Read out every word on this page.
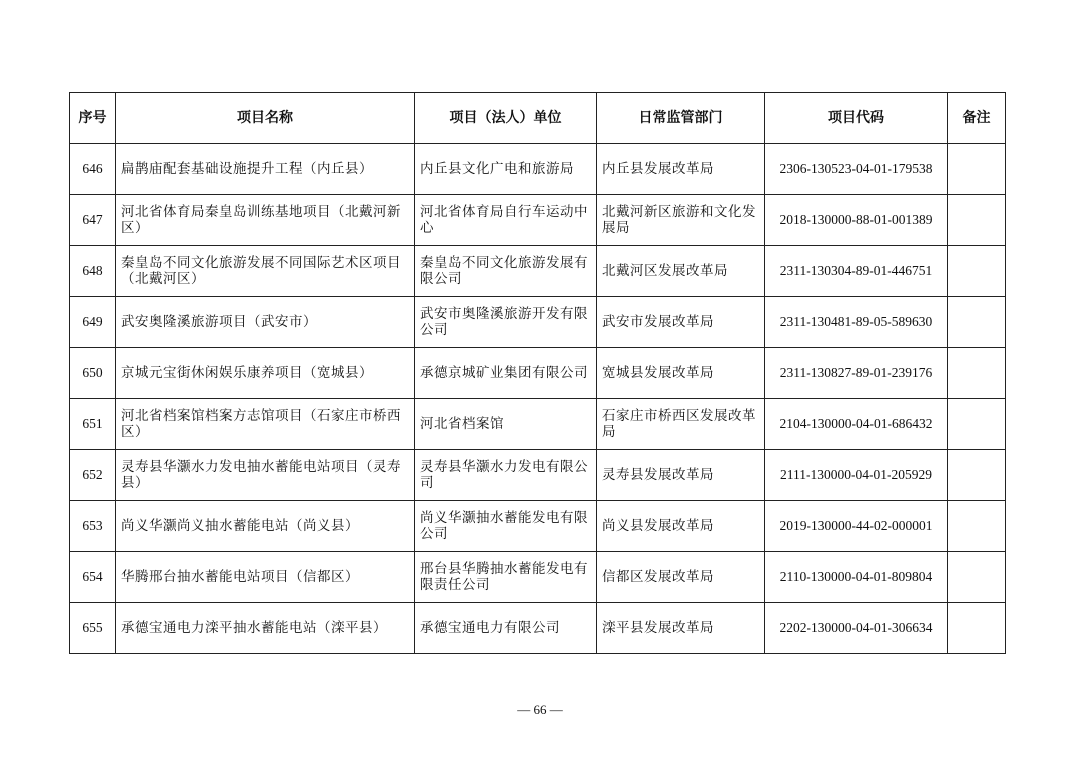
序号	项目名称	项目（法人）单位	日常监管部门	项目代码	备注
646	扁鹊庙配套基础设施提升工程（内丘县）	内丘县文化广电和旅游局	内丘县发展改革局	2306-130523-04-01-179538	
647	河北省体育局秦皇岛训练基地项目（北戴河新区）	河北省体育局自行车运动中心	北戴河新区旅游和文化发展局	2018-130000-88-01-001389	
648	秦皇岛不同文化旅游发展不同国际艺术区项目（北戴河区）	秦皇岛不同文化旅游发展有限公司	北戴河区发展改革局	2311-130304-89-01-446751	
649	武安奥隆溪旅游项目（武安市）	武安市奥隆溪旅游开发有限公司	武安市发展改革局	2311-130481-89-05-589630	
650	京城元宝街休闲娱乐康养项目（宽城县）	承德京城矿业集团有限公司	宽城县发展改革局	2311-130827-89-01-239176	
651	河北省档案馆档案方志馆项目（石家庄市桥西区）	河北省档案馆	石家庄市桥西区发展改革局	2104-130000-04-01-686432	
652	灵寿县华灏水力发电抽水蓄能电站项目（灵寿县）	灵寿县华灏水力发电有限公司	灵寿县发展改革局	2111-130000-04-01-205929	
653	尚义华灏尚义抽水蓄能电站（尚义县）	尚义华灏抽水蓄能发电有限公司	尚义县发展改革局	2019-130000-44-02-000001	
654	华腾邢台抽水蓄能电站项目（信都区）	邢台县华腾抽水蓄能发电有限责任公司	信都区发展改革局	2110-130000-04-01-809804	
655	承德宝通电力滦平抽水蓄能电站（滦平县）	承德宝通电力有限公司	滦平县发展改革局	2202-130000-04-01-306634	
— 66 —
